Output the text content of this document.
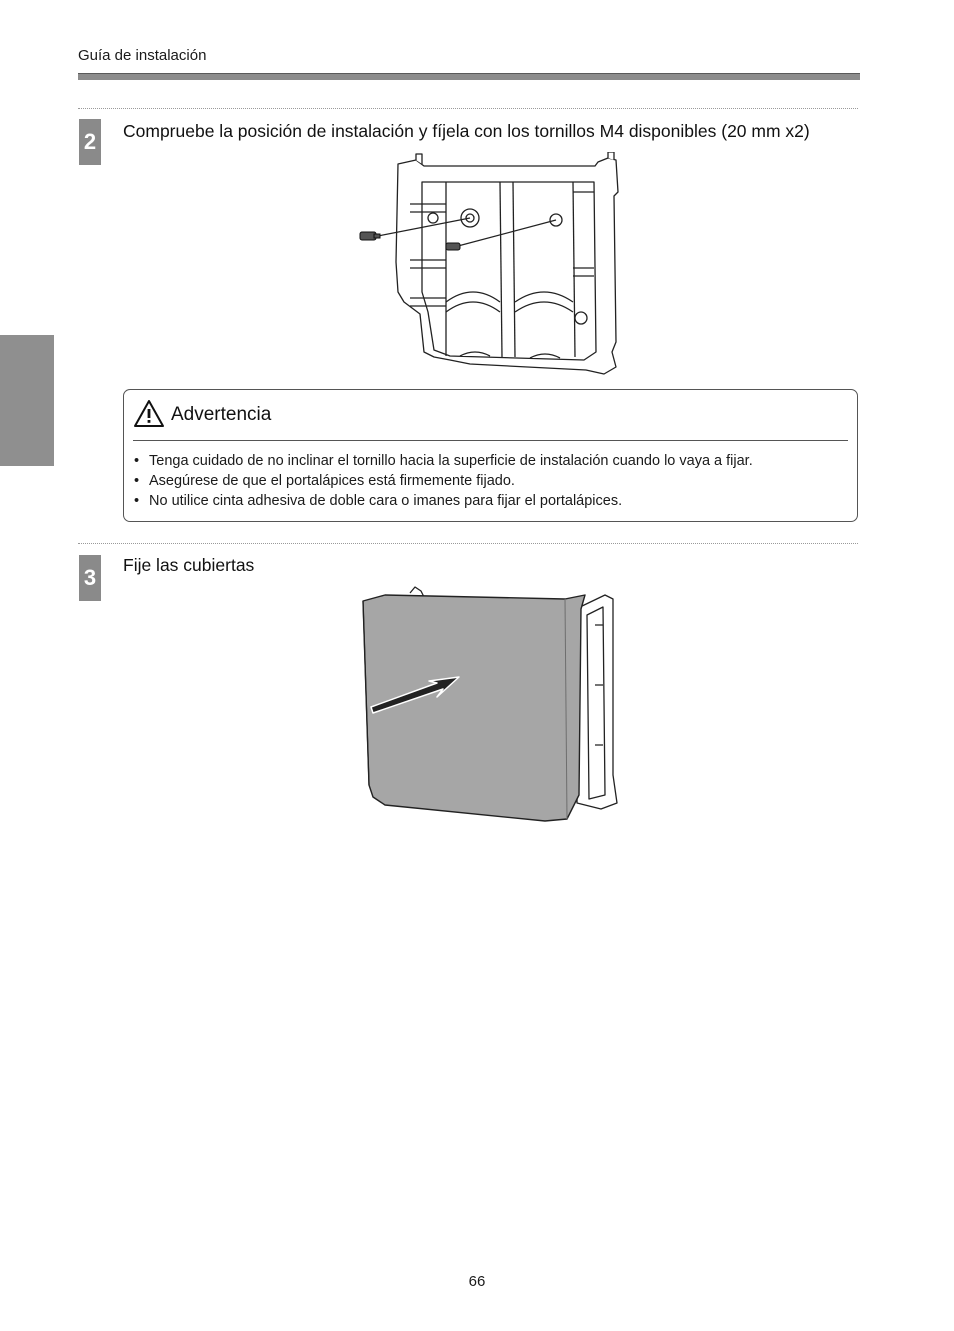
Guía de instalación
2 Compruebe la posición de instalación y fíjela con los tornillos M4 disponibles (20 mm x2)
Advertencia
• Tenga cuidado de no inclinar el tornillo hacia la superficie de instalación cuando lo vaya a fijar.
• Asegúrese de que el portalápices está firmemente fijado.
• No utilice cinta adhesiva de doble cara o imanes para fijar el portalápices.
3 Fije las cubiertas
66
